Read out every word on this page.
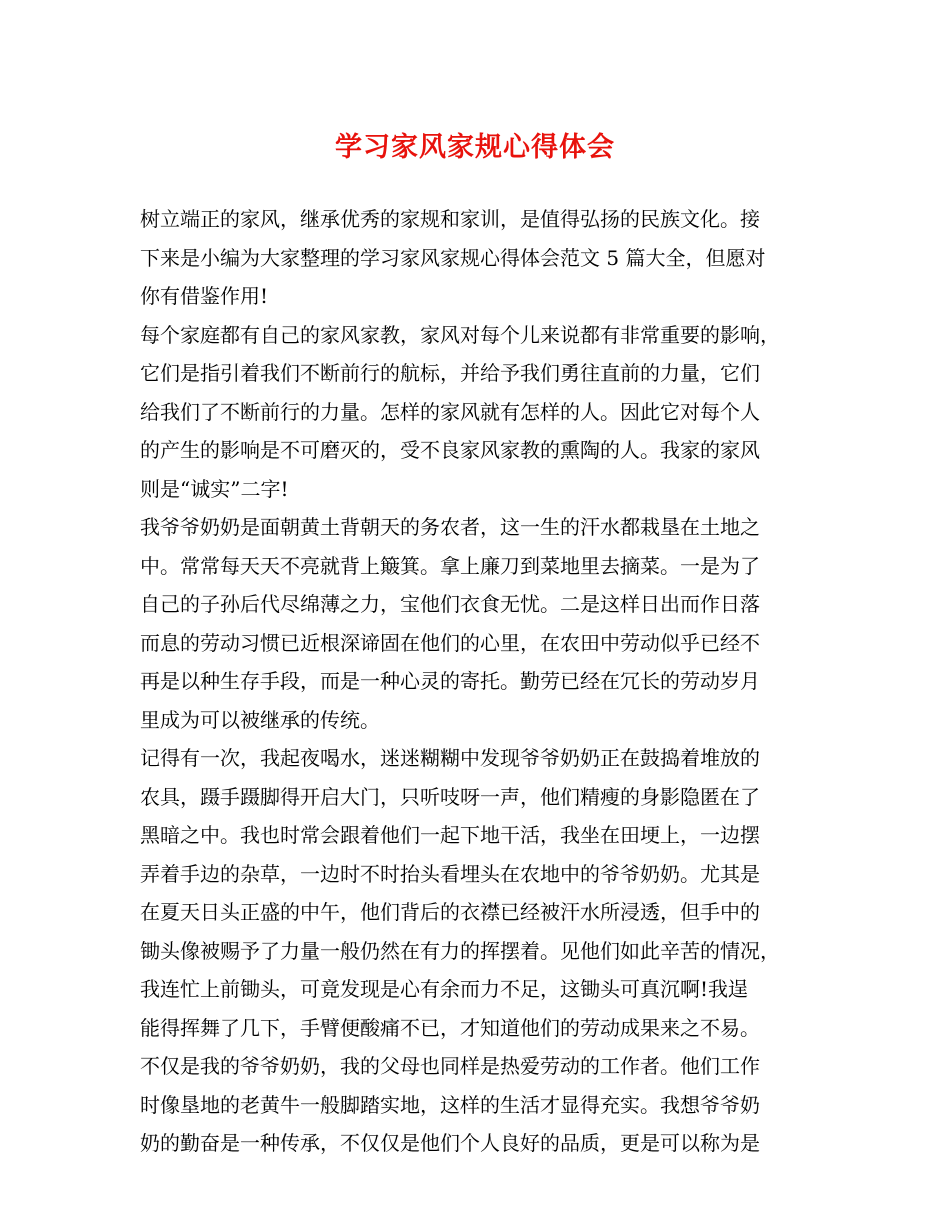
学习家风家规心得体会
树立端正的家风，继承优秀的家规和家训，是值得弘扬的民族文化。接
下来是小编为大家整理的学习家风家规心得体会范文 5 篇大全，但愿对
你有借鉴作用!
每个家庭都有自己的家风家教，家风对每个儿来说都有非常重要的影响，
它们是指引着我们不断前行的航标，并给予我们勇往直前的力量，它们
给我们了不断前行的力量。怎样的家风就有怎样的人。因此它对每个人
的产生的影响是不可磨灭的，受不良家风家教的熏陶的人。我家的家风
则是“诚实”二字!
我爷爷奶奶是面朝黄土背朝天的务农者，这一生的汗水都栽垦在土地之
中。常常每天天不亮就背上簸箕。拿上廉刀到菜地里去摘菜。一是为了
自己的子孙后代尽绵薄之力，宝他们衣食无忧。二是这样日出而作日落
而息的劳动习惯已近根深谛固在他们的心里，在农田中劳动似乎已经不
再是以种生存手段，而是一种心灵的寄托。勤劳已经在冗长的劳动岁月
里成为可以被继承的传统。
记得有一次，我起夜喝水，迷迷糊糊中发现爷爷奶奶正在鼓捣着堆放的
农具，蹑手蹑脚得开启大门，只听吱呀一声，他们精瘦的身影隐匿在了
黑暗之中。我也时常会跟着他们一起下地干活，我坐在田埂上，一边摆
弄着手边的杂草，一边时不时抬头看埋头在农地中的爷爷奶奶。尤其是
在夏天日头正盛的中午，他们背后的衣襟已经被汗水所浸透，但手中的
锄头像被赐予了力量一般仍然在有力的挥摆着。见他们如此辛苦的情况，
我连忙上前锄头，可竟发现是心有余而力不足，这锄头可真沉啊!我逞
能得挥舞了几下，手臂便酸痛不已，才知道他们的劳动成果来之不易。
不仅是我的爷爷奶奶，我的父母也同样是热爱劳动的工作者。他们工作
时像垦地的老黄牛一般脚踏实地，这样的生活才显得充实。我想爷爷奶
奶的勤奋是一种传承，不仅仅是他们个人良好的品质，更是可以称为是
